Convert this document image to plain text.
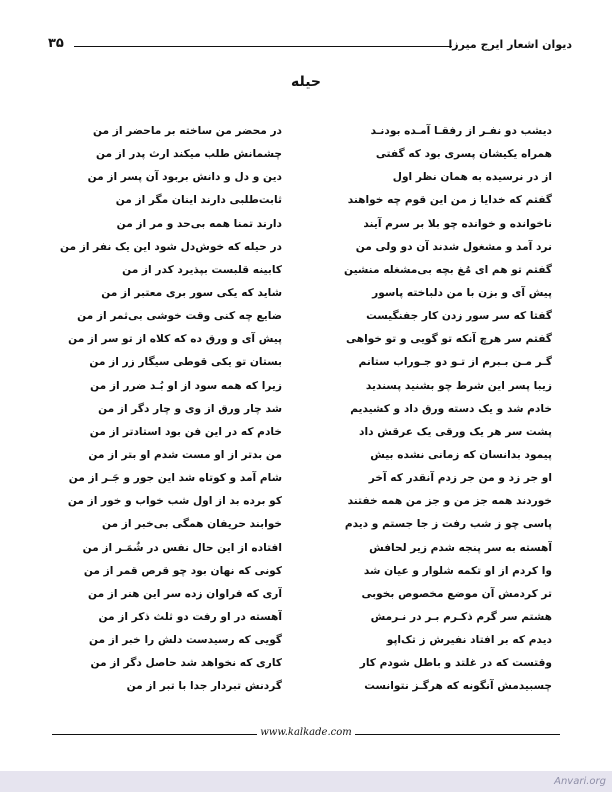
۳۵	دیوان اشعار ایرج میرزا
حیله
دیشب دو نفـر از رفقـا آمـده بودنـد
همراه یکیشان پسری بود که گفتی
از در نرسیده به همان نظر اول
گفتم که خدایا ز من این قوم چه خواهند
ناخوانده و خوانده چو بلا بر سرم آیند
نرد آمد و مشغول شدند آن دو ولی من
گفتم تو هم ای مُغ بچه بی‌مشغله منشین
پیش آی و بزن با من دلباخته پاسور
گفتا که سر سور زدن کار جفنگیست
گفتم سر هرچ آنکه تو گویی و تو خواهی
گـر مـن بـبرم از تـو دو جـوراب ستانم
زیبا پسر این شرط چو بشنید پسندید
خادم شد و یک دسته ورق داد و کشیدیم
پشت سر هر یک ورقی یک عرقش داد
پیمود بدانسان که زمانی نشده بیش
او جر زد و من جر زدم آنقدر که آخر
خوردند همه جز من و جز من همه خفتند
پاسی چو ز شب رفت ز جا جستم و دیدم
آهسته به سر پنجه شدم زیر لحافش
وا کردم از او تکمه شلوار و عیان شد
تر کردمش آن موضع مخصوص بخوبی
هشتم سر گرم ذکـرم بـر در نـرمش
دیدم که بر افتاد نفیرش ز تک‌اپو
وقتست که در غلتد و باطل شودم کار
چسبیدمش آنگونه که هرگـز نتوانست
در محضر من ساخته بر ماحضر از من
چشمانش طلب میکند ارث پدر از من
دین و دل و دانش بربود آن پسر از من
ثابت‌طلبی دارند اینان مگر از من
دارند تمنا همه بی‌حد و مر از من
در حیله که خوش‌دل شود این یک نفر از من
کابینه قلبست بپذیرد کدر از من
شاید که یکی سور بری معتبر از من
ضایع چه کنی وقت خوشی بی‌ثمر از من
پیش آی و ورق ده که کلاه از تو سر از من
بستان تو یکی قوطی سیگار زر از من
زیرا که همه سود از او بُـد ضرر از من
شد چار ورق از وی و چار دگر از من
خادم که در این فن بود استادتر از من
من بدتر از او مست شدم او بتر از من
شام آمد و کوتاه شد این جور و جَـر از من
کو برده بد از اول شب خواب و خور از من
خوابند حریفان همگی بی‌خبر از من
افتاده از این حال نفس در شُمَـر از من
کونی که نهان بود چو قرص قمر از من
آری که فراوان زده سر این هنر از من
آهسته در او رفت دو ثلث ذکر از من
گویی که رسیدست دلش را خبر از من
کاری که نخواهد شد حاصل دگر از من
گردنش تبردار جدا با تبر از من
www.kalkade.com
Anvari.org
